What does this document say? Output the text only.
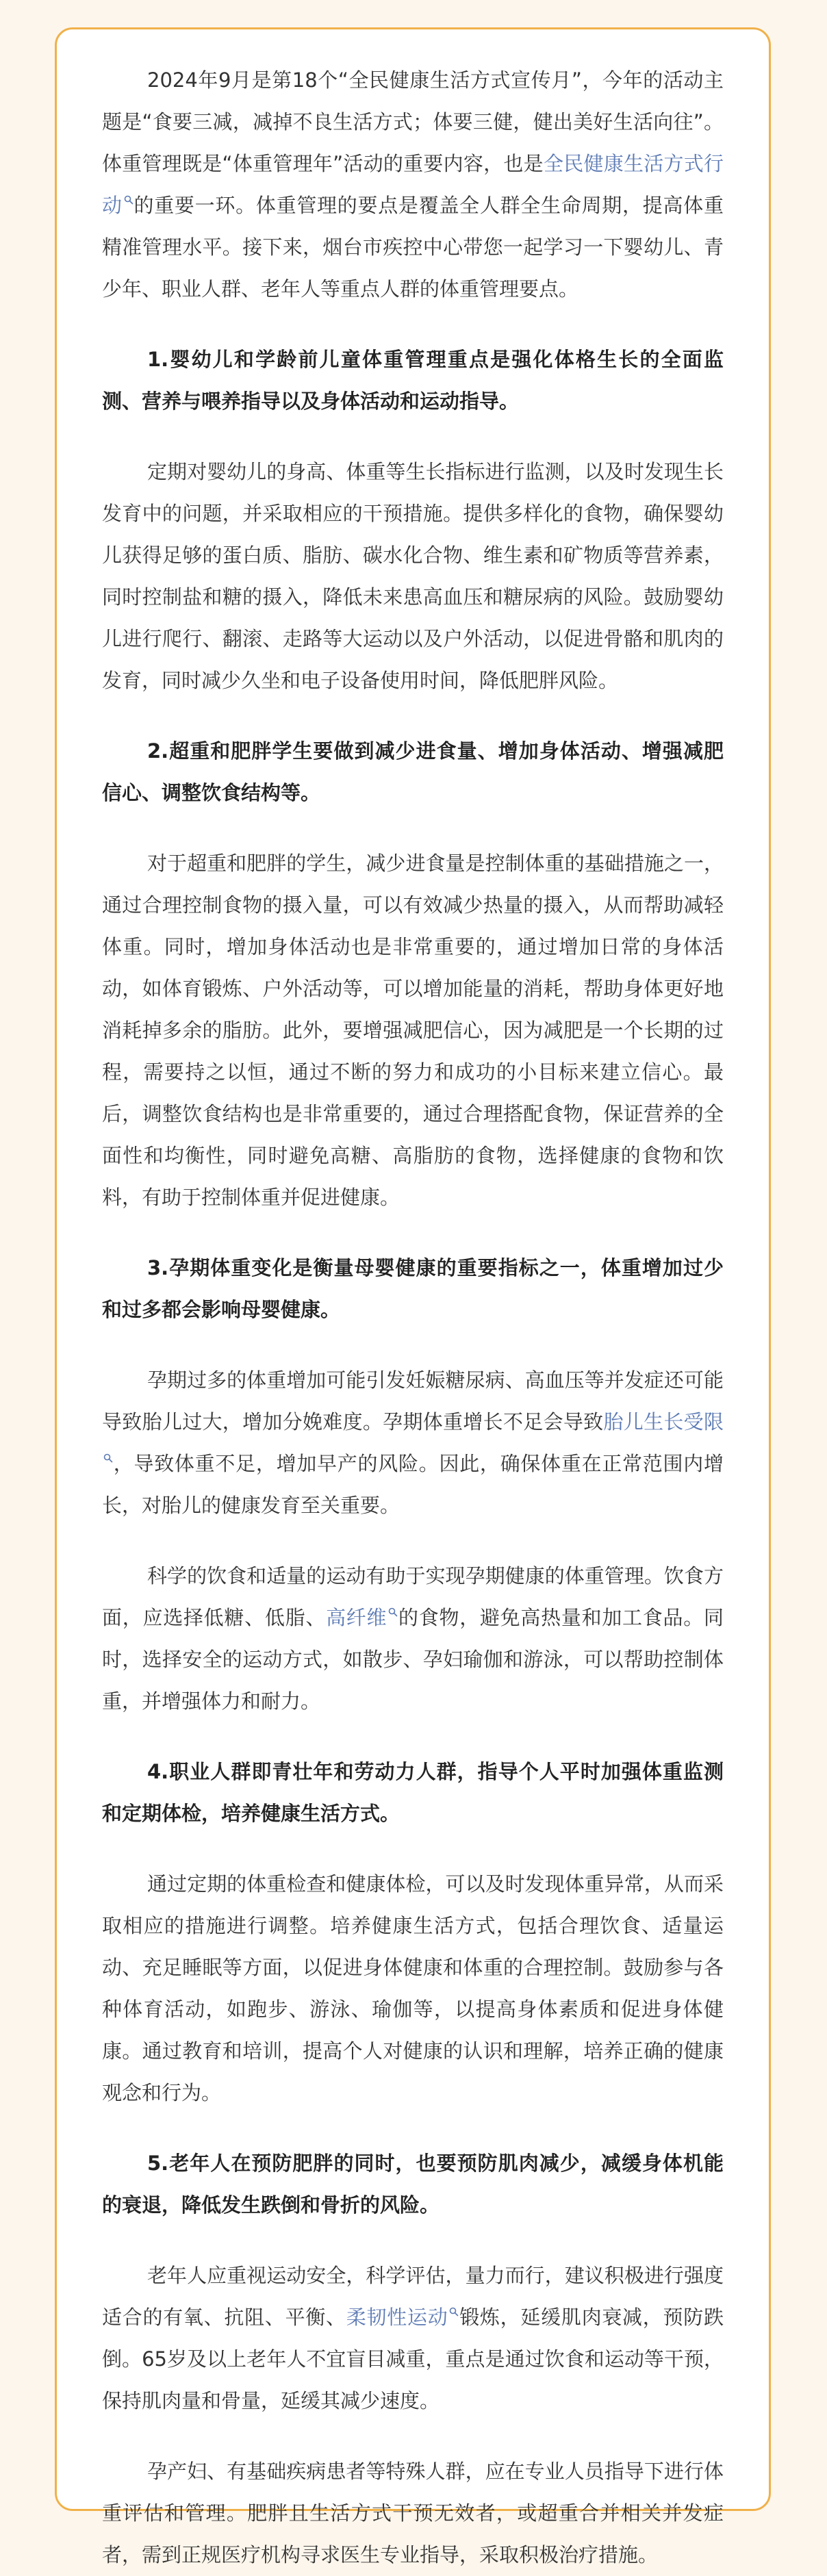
2024年9月是第18个“全民健康生活方式宣传月”，今年的活动主题是“食要三减，减掉不良生活方式；体要三健，健出美好生活向往”。体重管理既是“体重管理年”活动的重要内容，也是全民健康生活方式行动 的重要一环。体重管理的要点是覆盖全人群全生命周期，提高体重精准管理水平。接下来，烟台市疾控中心带您一起学习一下婴幼儿、青少年、职业人群、老年人等重点人群的体重管理要点。

1.婴幼儿和学龄前儿童体重管理重点是强化体格生长的全面监测、营养与喂养指导以及身体活动和运动指导。

定期对婴幼儿的身高、体重等生长指标进行监测，以及时发现生长发育中的问题，并采取相应的干预措施。提供多样化的食物，确保婴幼儿获得足够的蛋白质、脂肪、碳水化合物、维生素和矿物质等营养素，同时控制盐和糖的摄入，降低未来患高血压和糖尿病的风险。鼓励婴幼儿进行爬行、翻滚、走路等大运动以及户外活动，以促进骨骼和肌肉的发育，同时减少久坐和电子设备使用时间，降低肥胖风险。

2.超重和肥胖学生要做到减少进食量、增加身体活动、增强减肥信心、调整饮食结构等。

对于超重和肥胖的学生，减少进食量是控制体重的基础措施之一，通过合理控制食物的摄入量，可以有效减少热量的摄入，从而帮助减轻体重。同时，增加身体活动也是非常重要的，通过增加日常的身体活动，如体育锻炼、户外活动等，可以增加能量的消耗，帮助身体更好地消耗掉多余的脂肪。此外，要增强减肥信心，因为减肥是一个长期的过程，需要持之以恒，通过不断的努力和成功的小目标来建立信心。最后，调整饮食结构也是非常重要的，通过合理搭配食物，保证营养的全面性和均衡性，同时避免高糖、高脂肪的食物，选择健康的食物和饮料，有助于控制体重并促进健康。

3.孕期体重变化是衡量母婴健康的重要指标之一，体重增加过少和过多都会影响母婴健康。

孕期过多的体重增加可能引发妊娠糖尿病、高血压等并发症还可能导致胎儿过大，增加分娩难度。孕期体重增长不足会导致胎儿生长受限
，导致体重不足，增加早产的风险。因此，确保体重在正常范围内增长，对胎儿的健康发育至关重要。

科学的饮食和适量的运动有助于实现孕期健康的体重管理。饮食方面，应选择低糖、低脂、高纤维 的食物，避免高热量和加工食品。同时，选择安全的运动方式，如散步、孕妇瑜伽和游泳，可以帮助控制体重，并增强体力和耐力。

4.职业人群即青壮年和劳动力人群，指导个人平时加强体重监测和定期体检，培养健康生活方式。

通过定期的体重检查和健康体检，可以及时发现体重异常，从而采取相应的措施进行调整。培养健康生活方式，包括合理饮食、适量运动、充足睡眠等方面，以促进身体健康和体重的合理控制。鼓励参与各种体育活动，如跑步、游泳、瑜伽等，以提高身体素质和促进身体健康。通过教育和培训，提高个人对健康的认识和理解，培养正确的健康观念和行为。

5.老年人在预防肥胖的同时，也要预防肌肉减少，减缓身体机能的衰退，降低发生跌倒和骨折的风险。

老年人应重视运动安全，科学评估，量力而行，建议积极进行强度适合的有氧、抗阻、平衡、柔韧性运动 锻炼，延缓肌肉衰减，预防跌倒。65岁及以上老年人不宜盲目减重，重点是通过饮食和运动等干预，保持肌肉量和骨量，延缓其减少速度。

孕产妇、有基础疾病患者等特殊人群，应在专业人员指导下进行体重评估和管理。肥胖且生活方式干预无效者，或超重合并相关并发症者，需到正规医疗机构寻求医生专业指导，采取积极治疗措施。
